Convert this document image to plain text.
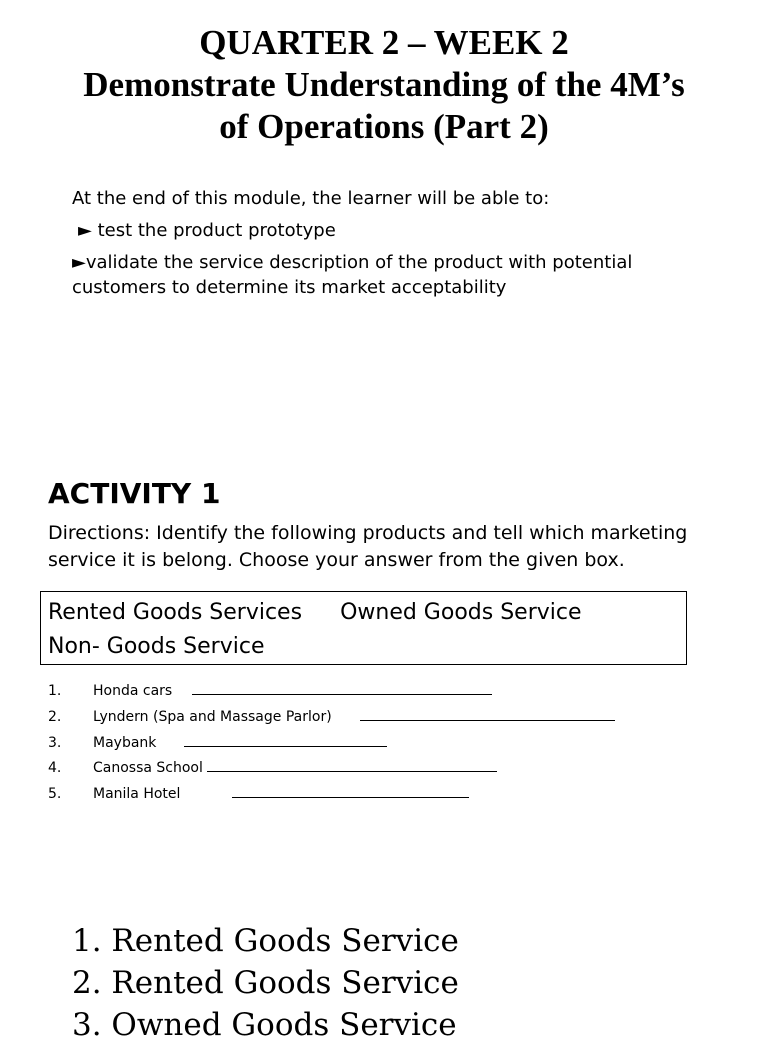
QUARTER 2 – WEEK 2
Demonstrate Understanding of the 4M’s
of Operations (Part 2)
At the end of this module, the learner will be able to:
► test the product prototype
►validate the service description of the product with potential customers to determine its market acceptability
ACTIVITY 1
Directions: Identify the following products and tell which marketing service it is belong. Choose your answer from the given box.
Rented Goods Services Owned Goods Service
Non- Goods Service
1. Honda cars
2. Lyndern (Spa and Massage Parlor)
3. Maybank
4. Canossa School
5. Manila Hotel
1. Rented Goods Service
2. Rented Goods Service
3. Owned Goods Service
